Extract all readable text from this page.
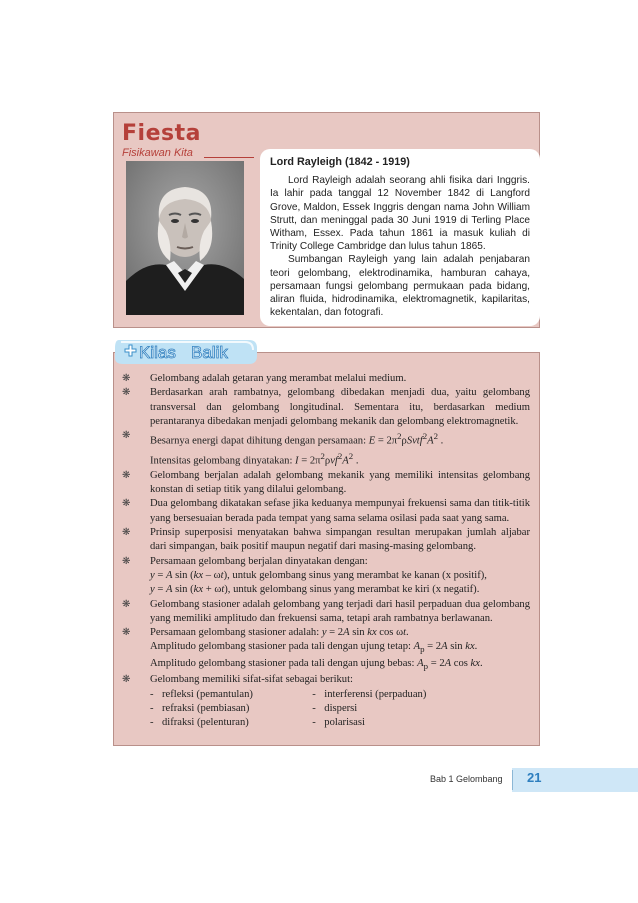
Fiesta
Fisikawan Kita
Lord Rayleigh (1842 - 1919)

Lord Rayleigh adalah seorang ahli fisika dari Inggris. Ia lahir pada tanggal 12 November 1842 di Langford Grove, Maldon, Essek Inggris dengan nama John William Strutt, dan meninggal pada 30 Juni 1919 di Terling Place Witham, Essex. Pada tahun 1861 ia masuk kuliah di Trinity College Cambridge dan lulus tahun 1865.

Sumbangan Rayleigh yang lain adalah penjabaran teori gelombang, elektrodinamika, hamburan cahaya, persamaan fungsi gelombang permukaan pada bidang, aliran fluida, hidrodinamika, elektromagnetik, kapilaritas, kekentalan, dan fotografi.

Kilas Balik
❋ Gelombang adalah getaran yang merambat melalui medium.
❋ Berdasarkan arah rambatnya, gelombang dibedakan menjadi dua, yaitu gelombang transversal dan gelombang longitudinal. Sementara itu, berdasarkan medium perantaranya dibedakan menjadi gelombang mekanik dan gelombang elektromagnetik.
❋
Besarnya energi dapat dihitung dengan persamaan: $E = 2\pi^2\rho Svtf^2A^2$ .
Intensitas gelombang dinyatakan: $I = 2\pi^2\rho vf^2A^2$ .
❋ Gelombang berjalan adalah gelombang mekanik yang memiliki intensitas gelombang konstan di setiap titik yang dilalui gelombang.
❋ Dua gelombang dikatakan sefase jika keduanya mempunyai frekuensi sama dan titik-titik yang bersesuaian berada pada tempat yang sama selama osilasi pada saat yang sama.
❋ Prinsip superposisi menyatakan bahwa simpangan resultan merupakan jumlah aljabar dari simpangan, baik positif maupun negatif dari masing-masing gelombang.
❋ Persamaan gelombang berjalan dinyatakan dengan:
y = A sin (kx – ωt), untuk gelombang sinus yang merambat ke kanan (x positif),
y = A sin (kx + ωt), untuk gelombang sinus yang merambat ke kiri (x negatif).
❋ Gelombang stasioner adalah gelombang yang terjadi dari hasil perpaduan dua gelombang yang memiliki amplitudo dan frekuensi sama, tetapi arah rambatnya berlawanan.
❋ Persamaan gelombang stasioner adalah: y = 2A sin kx cos ωt.
Amplitudo gelombang stasioner pada tali dengan ujung tetap: $A_p = 2A$ sin kx.
Amplitudo gelombang stasioner pada tali dengan ujung bebas: $A_p = 2A$ cos kx.
❋ Gelombang memiliki sifat-sifat sebagai berikut:
- refleksi (pemantulan)
- refraksi (pembiasan)
- difraksi (pelenturan)
- interferensi (perpaduan)
- dispersi
- polarisasi
Bab 1 Gelombang 21
